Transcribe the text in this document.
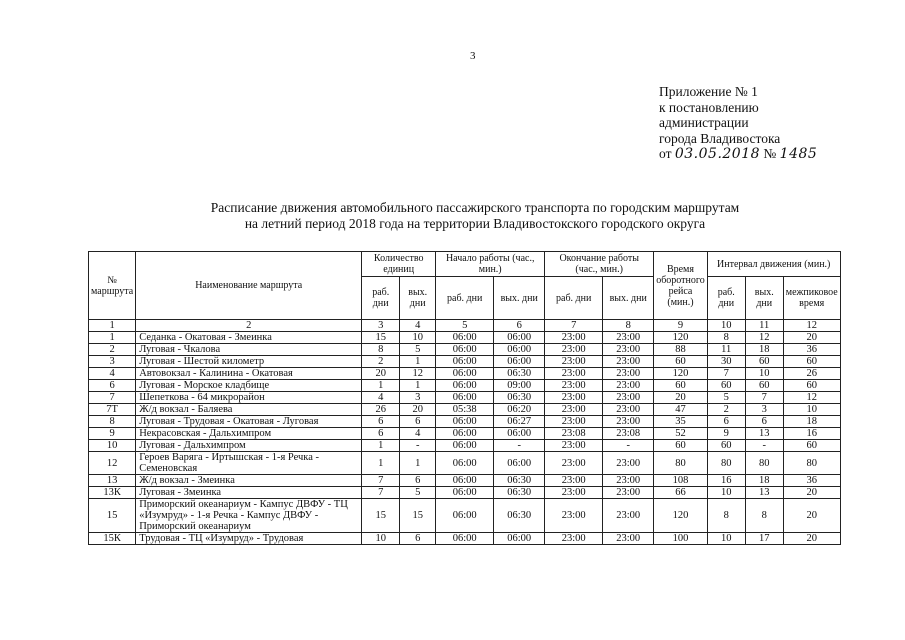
3
Приложение № 1
к постановлению
администрации
города Владивостока
от 03.05.2018 № 1485
Расписание движения автомобильного пассажирского транспорта по городским маршрутам
на летний период 2018 года на территории Владивостокского городского округа
№ маршрута	Наименование маршрута	Количество единиц		Начало работы (час., мин.)		Окончание работы (час., мин.)		Время оборотного рейса (мин.)	Интервал движения (мин.)		
		раб. дни	вых. дни	раб. дни	вых. дни	раб. дни	вых. дни		раб. дни	вых. дни	межпиковое время
1	2	3	4	5	6	7	8	9	10	11	12
1	Седанка - Окатовая - Змеинка	15	10	06:00	06:00	23:00	23:00	120	8	12	20
2	Луговая - Чкалова	8	5	06:00	06:00	23:00	23:00	88	11	18	36
3	Луговая - Шестой километр	2	1	06:00	06:00	23:00	23:00	60	30	60	60
4	Автовокзал - Калинина - Окатовая	20	12	06:00	06:30	23:00	23:00	120	7	10	26
6	Луговая - Морское кладбище	1	1	06:00	09:00	23:00	23:00	60	60	60	60
7	Шепеткова - 64 микрорайон	4	3	06:00	06:30	23:00	23:00	20	5	7	12
7Т	Ж/д вокзал - Баляева	26	20	05:38	06:20	23:00	23:00	47	2	3	10
8	Луговая - Трудовая - Окатовая - Луговая	6	6	06:00	06:27	23:00	23:00	35	6	6	18
9	Некрасовская - Дальхимпром	6	4	06:00	06:00	23:08	23:08	52	9	13	16
10	Луговая - Дальхимпром	1	-	06:00	-	23:00	-	60	60	-	60
12	Героев Варяга - Иртышская - 1-я Речка - Семеновская	1	1	06:00	06:00	23:00	23:00	80	80	80	80
13	Ж/д вокзал - Змеинка	7	6	06:00	06:30	23:00	23:00	108	16	18	36
13К	Луговая - Змеинка	7	5	06:00	06:30	23:00	23:00	66	10	13	20
15	Приморский океанариум - Кампус ДВФУ - ТЦ «Изумруд» - 1-я Речка - Кампус ДВФУ - Приморский океанариум	15	15	06:00	06:30	23:00	23:00	120	8	8	20
15К	Трудовая - ТЦ «Изумруд» - Трудовая	10	6	06:00	06:00	23:00	23:00	100	10	17	20
